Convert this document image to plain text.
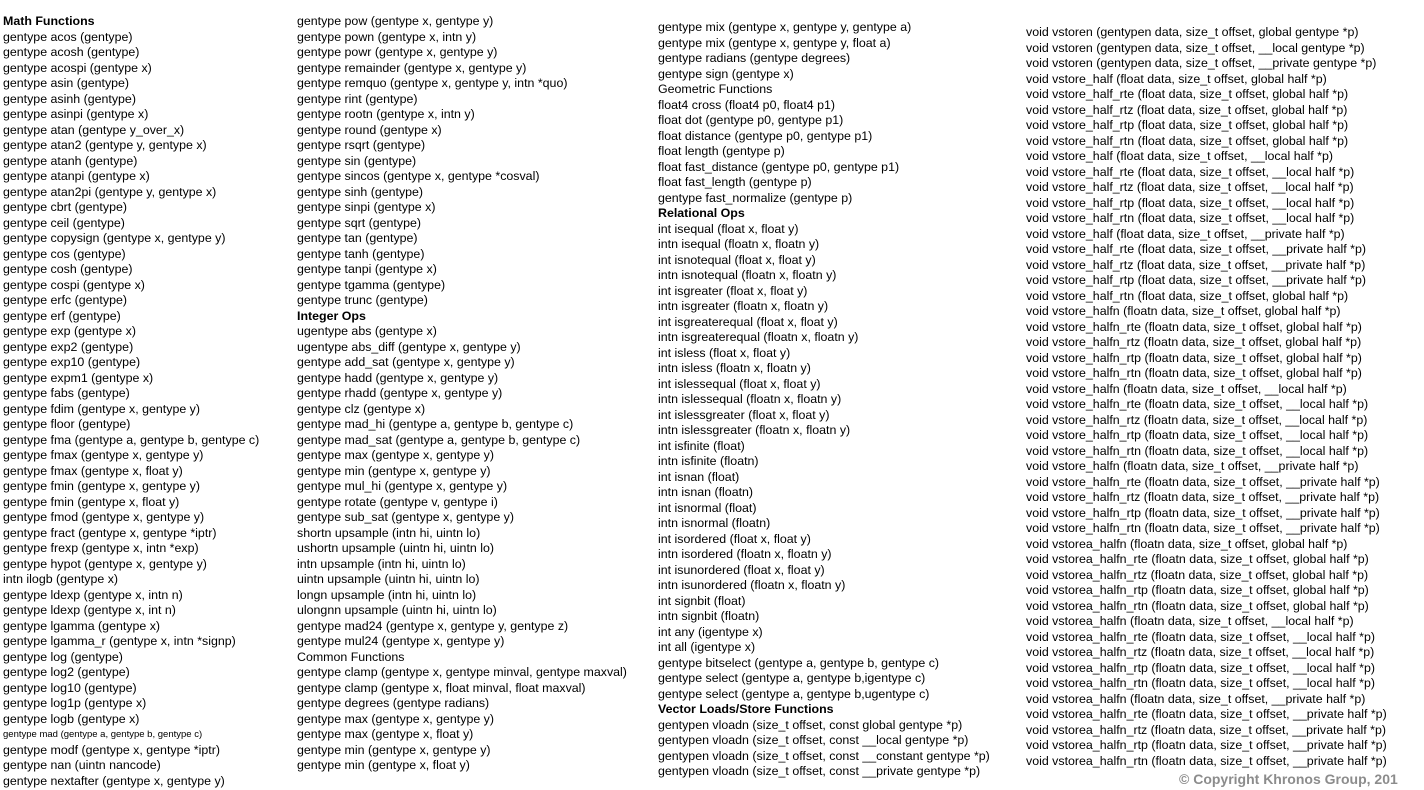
Math Functions
gentype acos (gentype)
gentype acosh (gentype)
gentype acospi (gentype x)
gentype asin (gentype)
gentype asinh (gentype)
gentype asinpi (gentype x)
gentype atan (gentype y_over_x)
gentype atan2 (gentype y, gentype x)
gentype atanh (gentype)
gentype atanpi (gentype x)
gentype atan2pi (gentype y, gentype x)
gentype cbrt (gentype)
gentype ceil (gentype)
gentype copysign (gentype x, gentype y)
gentype cos (gentype)
gentype cosh (gentype)
gentype cospi (gentype x)
gentype erfc (gentype)
gentype erf (gentype)
gentype exp (gentype x)
gentype exp2 (gentype)
gentype exp10 (gentype)
gentype expm1 (gentype x)
gentype fabs (gentype)
gentype fdim (gentype x, gentype y)
gentype floor (gentype)
gentype fma (gentype a, gentype b, gentype c)
gentype fmax (gentype x, gentype y)
gentype fmax (gentype x, float y)
gentype fmin (gentype x, gentype y)
gentype fmin (gentype x, float y)
gentype fmod (gentype x, gentype y)
gentype fract (gentype x, gentype *iptr)
gentype frexp (gentype x, intn *exp)
gentype hypot (gentype x, gentype y)
intn ilogb (gentype x)
gentype ldexp (gentype x, intn n)
gentype ldexp (gentype x, int n)
gentype lgamma (gentype x)
gentype lgamma_r (gentype x, intn *signp)
gentype log (gentype)
gentype log2 (gentype)
gentype log10 (gentype)
gentype log1p (gentype x)
gentype logb (gentype x)
gentype mad (gentype a, gentype b, gentype c)
gentype modf (gentype x, gentype *iptr)
gentype nan (uintn nancode)
gentype nextafter (gentype x, gentype y)
gentype pow (gentype x, gentype y)
gentype pown (gentype x, intn y)
gentype powr (gentype x, gentype y)
gentype remainder (gentype x, gentype y)
gentype remquo (gentype x, gentype y, intn *quo)
gentype rint (gentype)
gentype rootn (gentype x, intn y)
gentype round (gentype x)
gentype rsqrt (gentype)
gentype sin (gentype)
gentype sincos (gentype x, gentype *cosval)
gentype sinh (gentype)
gentype sinpi (gentype x)
gentype sqrt (gentype)
gentype tan (gentype)
gentype tanh (gentype)
gentype tanpi (gentype x)
gentype tgamma (gentype)
gentype trunc (gentype)
Integer Ops
ugentype abs (gentype x)
ugentype abs_diff (gentype x, gentype y)
gentype add_sat (gentype x, gentype y)
gentype hadd (gentype x, gentype y)
gentype rhadd (gentype x, gentype y)
gentype clz (gentype x)
gentype mad_hi (gentype a, gentype b, gentype c)
gentype mad_sat (gentype a, gentype b, gentype c)
gentype max (gentype x, gentype y)
gentype min (gentype x, gentype y)
gentype mul_hi (gentype x, gentype y)
gentype rotate (gentype v, gentype i)
gentype sub_sat (gentype x, gentype y)
shortn upsample (intn hi, uintn lo)
ushortn upsample (uintn hi, uintn lo)
intn upsample (intn hi, uintn lo)
uintn upsample (uintn hi, uintn lo)
longn upsample (intn hi, uintn lo)
ulongnn upsample (uintn hi, uintn lo)
gentype mad24 (gentype x, gentype y, gentype z)
gentype mul24 (gentype x, gentype y)
Common Functions
gentype clamp (gentype x, gentype minval, gentype maxval)
gentype clamp (gentype x, float minval, float maxval)
gentype degrees (gentype radians)
gentype max (gentype x, gentype y)
gentype max (gentype x, float y)
gentype min (gentype x, gentype y)
gentype min (gentype x, float y)
gentype mix (gentype x, gentype y, gentype a)
gentype mix (gentype x, gentype y, float a)
gentype radians (gentype degrees)
gentype sign (gentype x)
Geometric Functions
float4 cross (float4 p0, float4 p1)
float dot (gentype p0, gentype p1)
float distance (gentype p0, gentype p1)
float length (gentype p)
float fast_distance (gentype p0, gentype p1)
float fast_length (gentype p)
gentype fast_normalize (gentype p)
Relational Ops
int isequal (float x, float y)
intn isequal (floatn x, floatn y)
int isnotequal (float x, float y)
intn isnotequal (floatn x, floatn y)
int isgreater (float x, float y)
intn isgreater (floatn x, floatn y)
int isgreaterequal (float x, float y)
intn isgreaterequal (floatn x, floatn y)
int isless (float x, float y)
intn isless (floatn x, floatn y)
int islessequal (float x, float y)
intn islessequal (floatn x, floatn y)
int islessgreater (float x, float y)
intn islessgreater (floatn x, floatn y)
int isfinite (float)
intn isfinite (floatn)
int isnan (float)
intn isnan (floatn)
int isnormal (float)
intn isnormal (floatn)
int isordered (float x, float y)
intn isordered (floatn x, floatn y)
int isunordered (float x, float y)
intn isunordered (floatn x, floatn y)
int signbit (float)
intn signbit (floatn)
int any (igentype x)
int all (igentype x)
gentype bitselect (gentype a, gentype b, gentype c)
gentype select (gentype a, gentype b,igentype c)
gentype select (gentype a, gentype b,ugentype c)
Vector Loads/Store Functions
gentypen vloadn (size_t offset, const global gentype *p)
gentypen vloadn (size_t offset, const __local gentype *p)
gentypen vloadn (size_t offset, const __constant gentype *p)
gentypen vloadn (size_t offset, const __private gentype *p)
void vstoren (gentypen data, size_t offset, global gentype *p)
void vstoren (gentypen data, size_t offset, __local gentype *p)
void vstoren (gentypen data, size_t offset, __private gentype *p)
void vstore_half (float data, size_t offset, global half *p)
void vstore_half_rte (float data, size_t offset, global half *p)
void vstore_half_rtz (float data, size_t offset, global half *p)
void vstore_half_rtp (float data, size_t offset, global half *p)
void vstore_half_rtn (float data, size_t offset, global half *p)
void vstore_half (float data, size_t offset, __local half *p)
void vstore_half_rte (float data, size_t offset, __local half *p)
void vstore_half_rtz (float data, size_t offset, __local half *p)
void vstore_half_rtp (float data, size_t offset, __local half *p)
void vstore_half_rtn (float data, size_t offset, __local half *p)
void vstore_half (float data, size_t offset, __private half *p)
void vstore_half_rte (float data, size_t offset, __private half *p)
void vstore_half_rtz (float data, size_t offset, __private half *p)
void vstore_half_rtp (float data, size_t offset, __private half *p)
void vstore_half_rtn (float data, size_t offset, global half *p)
void vstore_halfn (floatn data, size_t offset, global half *p)
void vstore_halfn_rte (floatn data, size_t offset, global half *p)
void vstore_halfn_rtz (floatn data, size_t offset, global half *p)
void vstore_halfn_rtp (floatn data, size_t offset, global half *p)
void vstore_halfn_rtn (floatn data, size_t offset, global half *p)
void vstore_halfn (floatn data, size_t offset, __local half *p)
void vstore_halfn_rte (floatn data, size_t offset, __local half *p)
void vstore_halfn_rtz (floatn data, size_t offset, __local half *p)
void vstore_halfn_rtp (floatn data, size_t offset, __local half *p)
void vstore_halfn_rtn (floatn data, size_t offset, __local half *p)
void vstore_halfn (floatn data, size_t offset, __private half *p)
void vstore_halfn_rte (floatn data, size_t offset, __private half *p)
void vstore_halfn_rtz (floatn data, size_t offset, __private half *p)
void vstore_halfn_rtp (floatn data, size_t offset, __private half *p)
void vstore_halfn_rtn (floatn data, size_t offset, __private half *p)
void vstorea_halfn (floatn data, size_t offset, global half *p)
void vstorea_halfn_rte (floatn data, size_t offset, global half *p)
void vstorea_halfn_rtz (floatn data, size_t offset, global half *p)
void vstorea_halfn_rtp (floatn data, size_t offset, global half *p)
void vstorea_halfn_rtn (floatn data, size_t offset, global half *p)
void vstorea_halfn (floatn data, size_t offset, __local half *p)
void vstorea_halfn_rte (floatn data, size_t offset, __local half *p)
void vstorea_halfn_rtz (floatn data, size_t offset, __local half *p)
void vstorea_halfn_rtp (floatn data, size_t offset, __local half *p)
void vstorea_halfn_rtn (floatn data, size_t offset, __local half *p)
void vstorea_halfn (floatn data, size_t offset, __private half *p)
void vstorea_halfn_rte (floatn data, size_t offset, __private half *p)
void vstorea_halfn_rtz (floatn data, size_t offset, __private half *p)
void vstorea_halfn_rtp (floatn data, size_t offset, __private half *p)
void vstorea_halfn_rtn (floatn data, size_t offset, __private half *p)
© Copyright Khronos Group, 201
